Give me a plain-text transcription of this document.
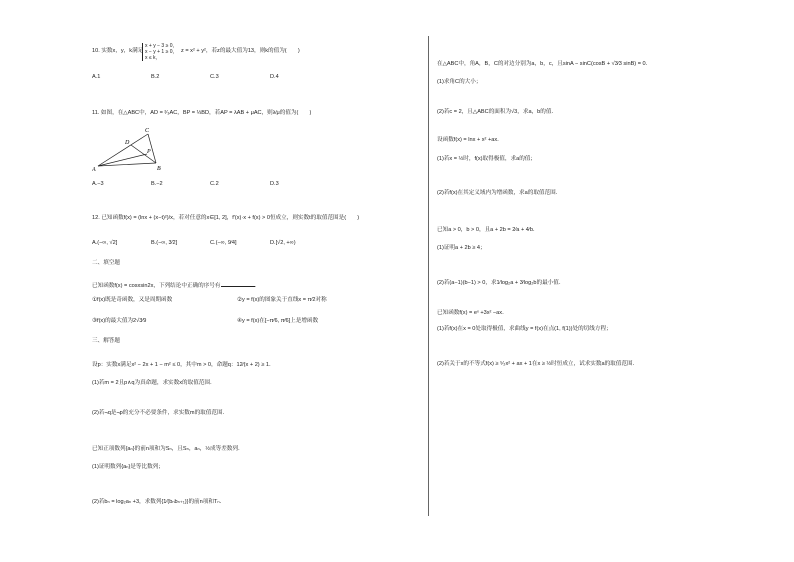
10. 实数x，y，k满足
x + y − 3 ≥ 0，
x − y + 1 ≥ 0，
x ≤ k，
z = x² + y²，若z的最大值为13，则k的值为(　　)
A.1	B.2	C.3	D.4
11. 如图，在△ABC中，AD = ²⁄₃AC，BP = ⅓BD，若AP = λAB + μAC，则λ⁄μ的值为(　　)
C
D
P
A	B
A.−3	B.−2	C.2	D.3
12. 已知函数f(x) = (lnx + (x−t)²)/x，若对任意的x∈[1, 2]，f′(x)·x + f(x) > 0恒成立，则实数t的取值范围是(　　)
A.(−∞, √2]	B.(−∞, 3⁄2]	C.(−∞, 9⁄4]	D.[√2, +∞)
二、填空题
已知函数f(x) = cosxsin2x，下列结论中正确的序号有	.
①f(x)既是奇函数，又是周期函数	②y = f(x)的图象关于直线x = π⁄2对称
③f(x)的最大值为2√3⁄9	④y = f(x)在[−π⁄6, π⁄6]上是增函数
三、解答题
设p：实数x满足x² − 2x + 1 − m² ≤ 0，其中m > 0，命题q：12⁄(x + 2) ≥ 1．
(1)若m = 2且p∧q为真命题，求实数x的取值范围．
(2)若¬q是¬p的充分不必要条件，求实数m的取值范围．
已知正项数列{aₙ}的前n项和为Sₙ，且Sₙ，aₙ，½成等差数列．
(1)证明数列{aₙ}是等比数列；
(2)若bₙ = log₂aₙ +3，求数列{1⁄(bₙbₙ₊₁)}的前n项和Tₙ．
在△ABC中，角A，B，C的对边分别为a，b，c，且sinA − sinC(cosB + √3⁄3 sinB) = 0．
(1)求角C的大小；
(2)若c = 2，且△ABC的面积为√3，求a，b的值．
设函数f(x) = lnx + x² +ax．
(1)若x = ½时，f(x)取得极值，求a的值；
(2)若f(x)在其定义域内为增函数，求a的取值范围．
已知a > 0，b > 0，且a + 2b = 2⁄a + 4⁄b．
(1)证明a + 2b ≥ 4；
(2)若(a−1)(b−1) > 0，求1⁄log₂a + 3⁄log₂b的最小值．
已知函数f(x) = eˣ +3x² −ax．
(1)若f(x)在x = 0处取得极值，求曲线y = f(x)在点(1, f(1))处的切线方程；
(2)若关于x的不等式f(x) ≥ ⁵⁄₂x² + ax + 1在x ≥ ½时恒成立，试求实数a的取值范围．
